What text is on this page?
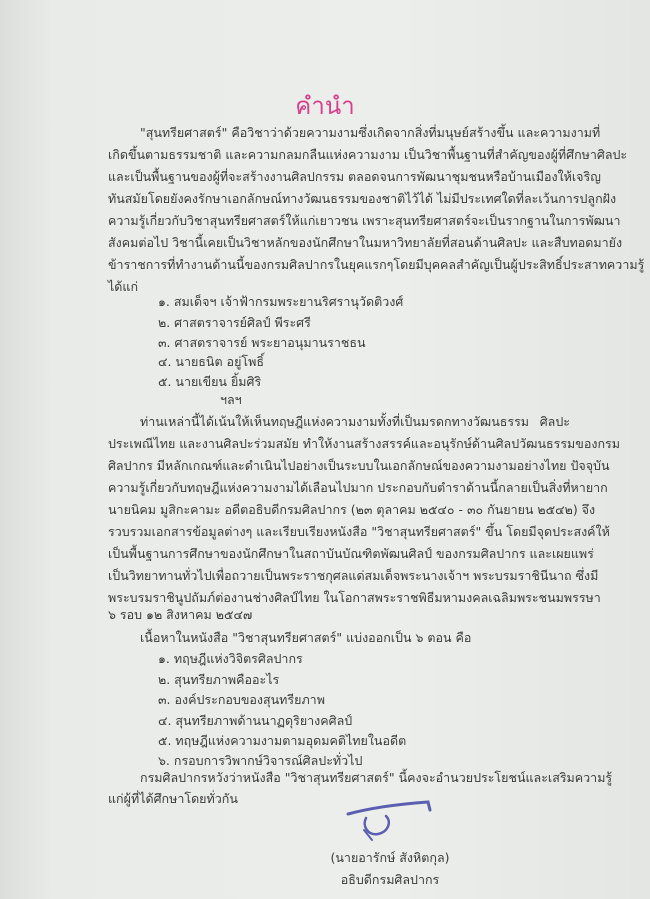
คำนำ
"สุนทรียศาสตร์" คือวิชาว่าด้วยความงามซึ่งเกิดจากสิ่งที่มนุษย์สร้างขึ้น และความงามที่
เกิดขึ้นตามธรรมชาติ และความกลมกลืนแห่งความงาม เป็นวิชาพื้นฐานที่สำคัญของผู้ที่ศึกษาศิลปะ
และเป็นพื้นฐานของผู้ที่จะสร้างงานศิลปกรรม ตลอดจนการพัฒนาชุมชนหรือบ้านเมืองให้เจริญ
ทันสมัยโดยยังคงรักษาเอกลักษณ์ทางวัฒนธรรมของชาติไว้ได้ ไม่มีประเทศใดที่ละเว้นการปลูกฝัง
ความรู้เกี่ยวกับวิชาสุนทรียศาสตร์ให้แก่เยาวชน เพราะสุนทรียศาสตร์จะเป็นรากฐานในการพัฒนา
สังคมต่อไป วิชานี้เคยเป็นวิชาหลักของนักศึกษาในมหาวิทยาลัยที่สอนด้านศิลปะ และสืบทอดมายัง
ข้าราชการที่ทำงานด้านนี้ของกรมศิลปากรในยุคแรกๆโดยมีบุคคลสำคัญเป็นผู้ประสิทธิ์ประสาทความรู้
ได้แก่
๑. สมเด็จฯ เจ้าฟ้ากรมพระยานริศรานุวัดติวงศ์
๒. ศาสตราจารย์ศิลป์ พีระศรี
๓. ศาสตราจารย์ พระยาอนุมานราชธน
๔. นายธนิต อยู่โพธิ์
๕. นายเขียน ยิ้มศิริ
ฯลฯ
ท่านเหล่านี้ได้เน้นให้เห็นทฤษฎีแห่งความงามทั้งที่เป็นมรดกทางวัฒนธรรม ศิลปะ
ประเพณีไทย และงานศิลปะร่วมสมัย ทำให้งานสร้างสรรค์และอนุรักษ์ด้านศิลปวัฒนธรรมของกรม
ศิลปากร มีหลักเกณฑ์และดำเนินไปอย่างเป็นระบบในเอกลักษณ์ของความงามอย่างไทย ปัจจุบัน
ความรู้เกี่ยวกับทฤษฎีแห่งความงามได้เลือนไปมาก ประกอบกับตำราด้านนี้กลายเป็นสิ่งที่หายาก
นายนิคม มูสิกะคามะ อดีตอธิบดีกรมศิลปากร (๒๓ ตุลาคม ๒๕๔๐ - ๓๐ กันยายน ๒๕๔๒) จึง
รวบรวมเอกสารข้อมูลต่างๆ และเรียบเรียงหนังสือ "วิชาสุนทรียศาสตร์" ขึ้น โดยมีจุดประสงค์ให้
เป็นพื้นฐานการศึกษาของนักศึกษาในสถาบันบัณฑิตพัฒนศิลป์ ของกรมศิลปากร และเผยแพร่
เป็นวิทยาทานทั่วไปเพื่อถวายเป็นพระราชกุศลแด่สมเด็จพระนางเจ้าฯ พระบรมราชินีนาถ ซึ่งมี
พระบรมราชินูปถัมภ์ต่องานช่างศิลป์ไทย ในโอกาสพระราชพิธีมหามงคลเฉลิมพระชนมพรรษา
๖ รอบ ๑๒ สิงหาคม ๒๕๔๗
เนื้อหาในหนังสือ "วิชาสุนทรียศาสตร์" แบ่งออกเป็น ๖ ตอน คือ
๑. ทฤษฎีแห่งวิจิตรศิลปากร
๒. สุนทรียภาพคืออะไร
๓. องค์ประกอบของสุนทรียภาพ
๔. สุนทรียภาพด้านนาฏดุริยางคศิลป์
๕. ทฤษฎีแห่งความงามตามอุดมคติไทยในอดีต
๖. กรอบการวิพากษ์วิจารณ์ศิลปะทั่วไป
กรมศิลปากรหวังว่าหนังสือ "วิชาสุนทรียศาสตร์" นี้คงจะอำนวยประโยชน์และเสริมความรู้
แก่ผู้ที่ได้ศึกษาโดยทั่วกัน
(นายอารักษ์ สังหิตกุล)
อธิบดีกรมศิลปากร
